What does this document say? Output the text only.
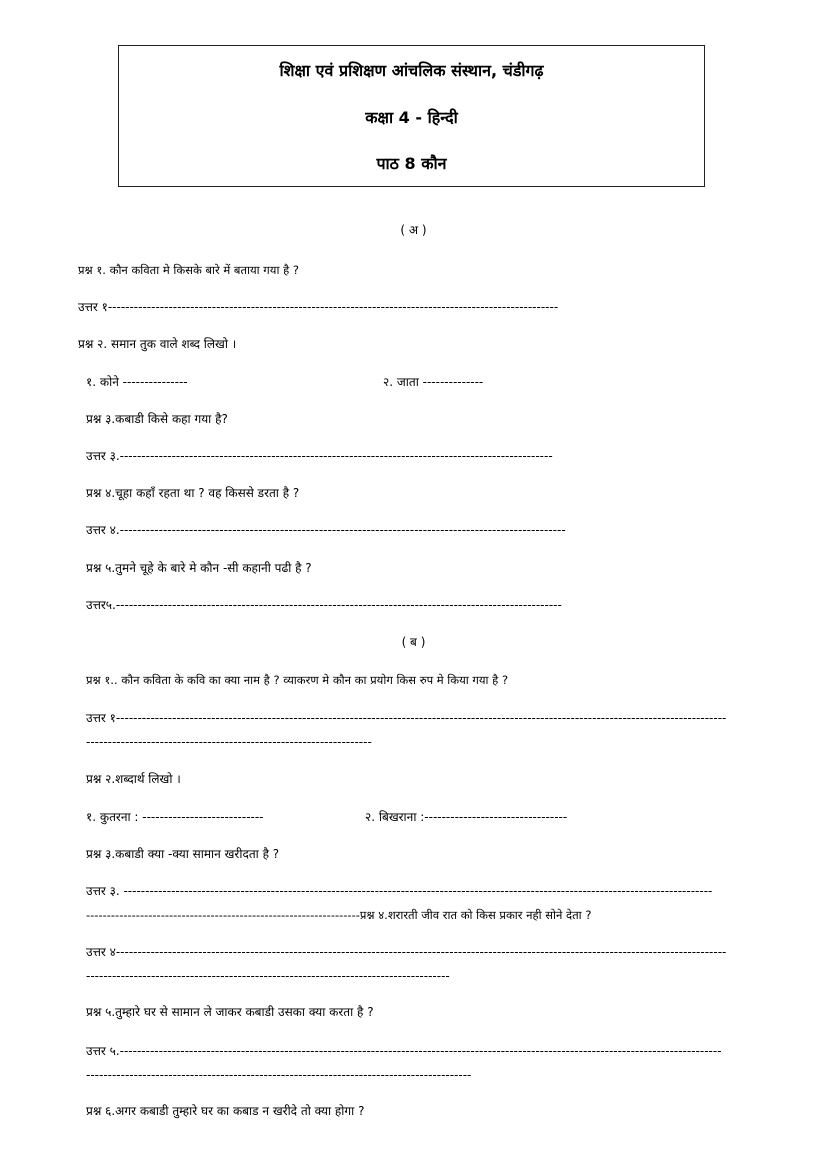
शिक्षा एवं प्रशिक्षण आंचलिक संस्थान, चंडीगढ़
कक्षा 4 - हिन्दी
पाठ 8 कौन
( अ )
प्रश्न १. कौन कविता मे किसके बारे में बताया गया है ?
उत्तर १--------------------------------------------------------------------------------------------------------
प्रश्न २. समान तुक वाले शब्द लिखो ।
१. कोने ---------------	२. जाता --------------
प्रश्न ३.कबाडी किसे कहा गया है?
उत्तर ३.----------------------------------------------------------------------------------------------------
प्रश्न ४.चूहा कहाँ रहता था ? वह किससे डरता है ?
उत्तर ४.-------------------------------------------------------------------------------------------------------
प्रश्न ५.तुमने चूहे के बारे मे कौन -सी कहानी पढी है ?
उत्तर५.-------------------------------------------------------------------------------------------------------
( ब )
प्रश्न १.. कौन कविता के कवि का क्या नाम है ? व्याकरण मे कौन का प्रयोग किस रुप मे किया गया है ?
उत्तर १---------------------------------------------------------------------------------------------------------------------------------------------
------------------------------------------------------------------
प्रश्न २.शब्दार्थ लिखो ।
१. कुतरना : ----------------------------	२. बिखराना :---------------------------------
प्रश्न ३.कबाडी क्या -क्या सामान खरीदता है ?
उत्तर ३. ----------------------------------------------------------------------------------------------------------------------------------------
------------------------------------------------------------------प्रश्न ४.शरारती जीव रात को किस प्रकार नही सोने देता ?
उत्तर ४---------------------------------------------------------------------------------------------------------------------------------------------
------------------------------------------------------------------------------------
प्रश्न ५.तुम्हारे घर से सामान ले जाकर कबाडी उसका क्या करता है ?
उत्तर ५.-------------------------------------------------------------------------------------------------------------------------------------------
-----------------------------------------------------------------------------------------
प्रश्न ६.अगर कबाडी तुम्हारे घर का कबाड न खरीदे तो क्या होगा ?
